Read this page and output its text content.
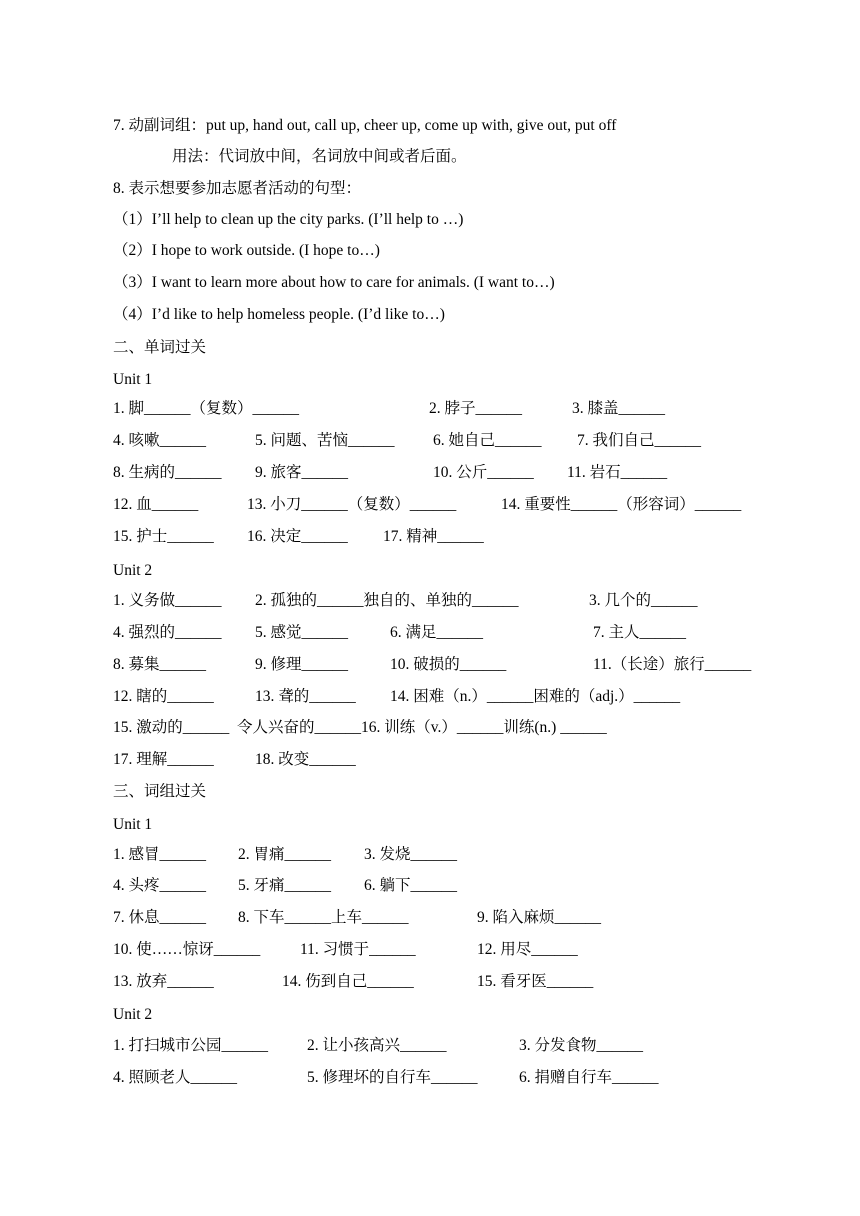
7. 动副词组：put up, hand out, call up, cheer up, come up with, give out, put off
用法：代词放中间，名词放中间或者后面。
8. 表示想要参加志愿者活动的句型：
（1）I’ll help to clean up the city parks. (I’ll help to …)
（2）I hope to work outside. (I hope to…)
（3）I want to learn more about how to care for animals. (I want to…)
（4）I’d like to help homeless people. (I’d like to…)
二、单词过关
Unit 1
1. 脚______（复数）______	2. 脖子______	3. 膝盖______
4. 咳嗽______	5. 问题、苦恼______ 6. 她自己______ 7. 我们自己______
8. 生病的______ 9. 旅客______	10. 公斤______ 11. 岩石______
12. 血______	13. 小刀______（复数）______	14. 重要性______（形容词）______
15. 护士______ 16. 决定______ 17. 精神______
Unit 2
1. 义务做______ 2. 孤独的______独自的、单独的______	3. 几个的______
4. 强烈的______ 5. 感觉______	6. 满足______	7. 主人______
8. 募集______	9. 修理______	10. 破损的______	11.（长途）旅行______
12. 瞎的______	13. 聋的______ 14. 困难（n.）______困难的（adj.）______
15. 激动的______  令人兴奋的______16. 训练（v.）______训练(n.) ______
17. 理解______	18. 改变______
三、词组过关
Unit 1
1. 感冒______ 2. 胃痛______ 3. 发烧______
4. 头疼______ 5. 牙痛______ 6. 躺下______
7. 休息______ 8. 下车______上车______	9. 陷入麻烦______
10. 使……惊讶______	11. 习惯于______	12. 用尽______
13. 放弃______	14. 伤到自己______	15. 看牙医______
Unit 2
1. 打扫城市公园______	2. 让小孩高兴______	3. 分发食物______
4. 照顾老人______	5. 修理坏的自行车______	6. 捐赠自行车______
